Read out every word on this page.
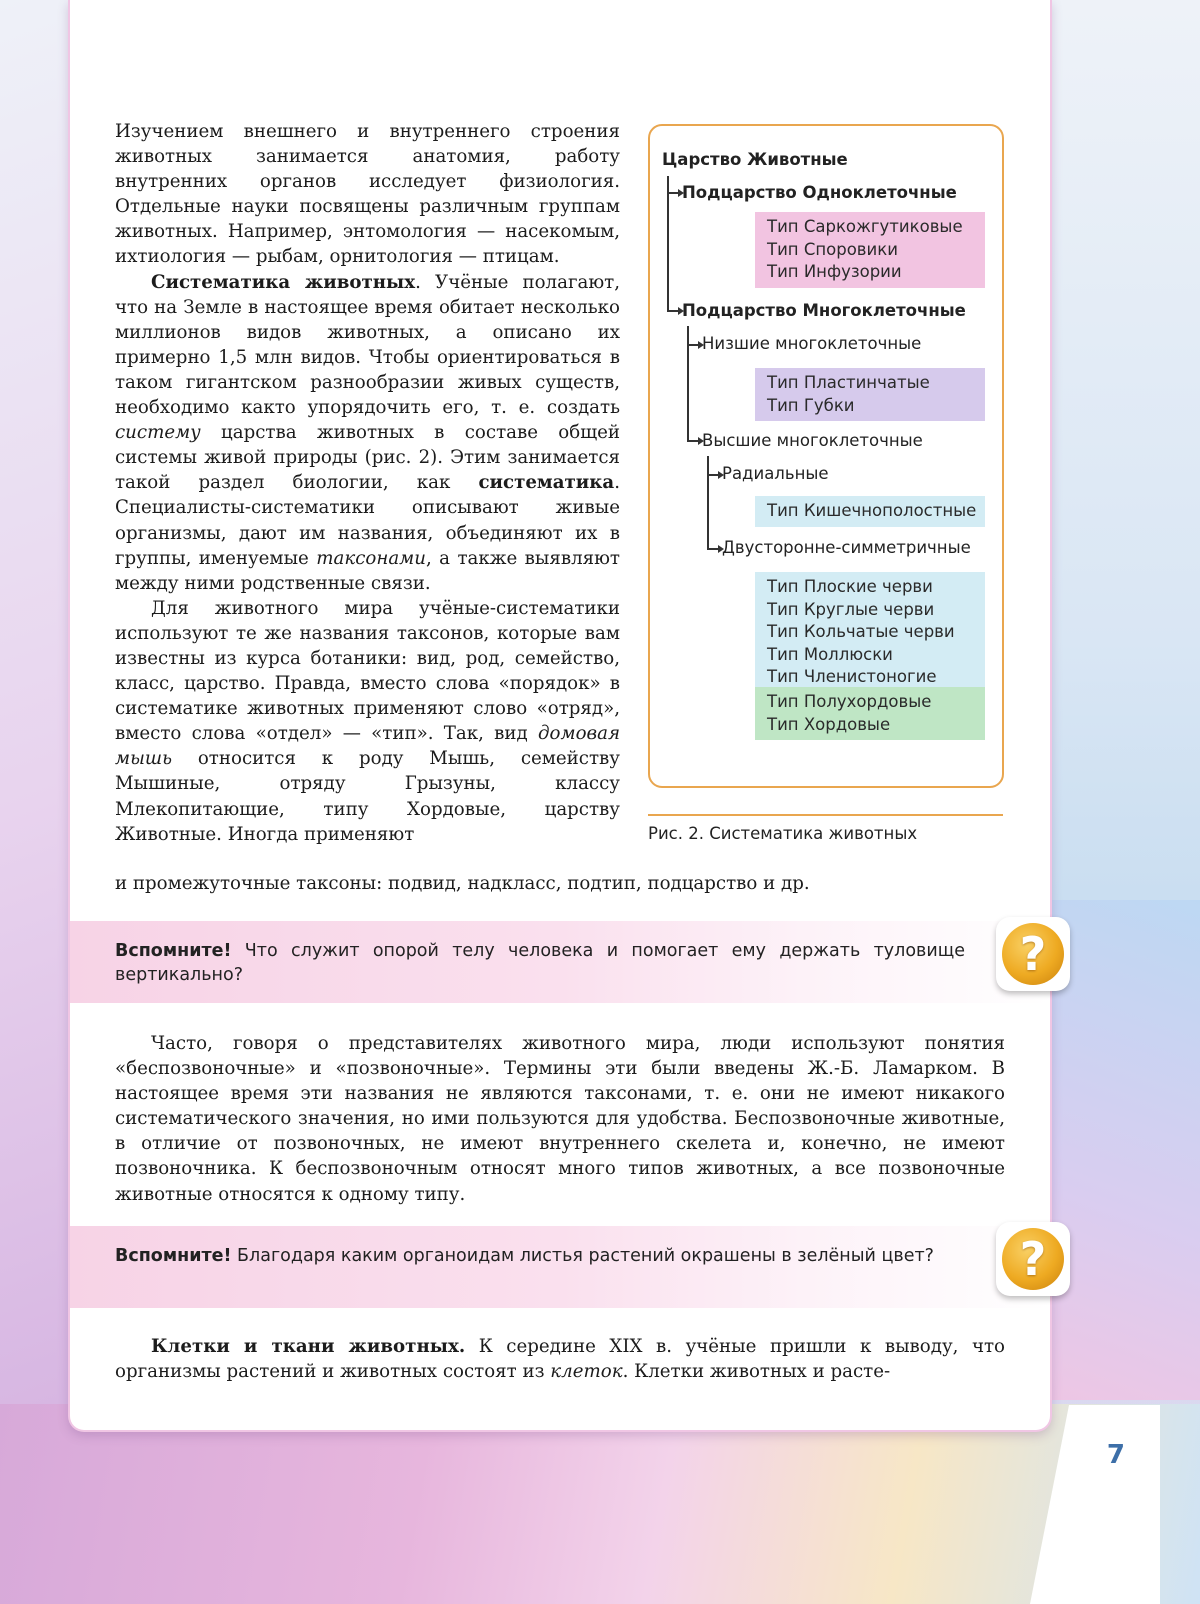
7

Изучением внешнего и внутреннего строения животных занимается анатомия, работу внутренних органов исследует физиология. Отдельные науки посвящены различным группам животных. Например, энтомология — насекомым, ихтиология — рыбам, орнитология — птицам.

Систематика животных. Учёные полагают, что на Земле в настоящее время обитает несколько миллионов видов животных, а описано их примерно 1,5 млн видов. Чтобы ориентироваться в таком гигантском разнообразии живых существ, необходимо както упорядочить его, т. е. создать систему царства животных в составе общей системы живой природы (рис. 2). Этим занимается такой раздел биологии, как систематика. Специалисты-систематики описывают живые организмы, дают им названия, объединяют их в группы, именуемые таксонами, а также выявляют между ними родственные связи.

Для животного мира учёные-систематики используют те же названия таксонов, которые вам известны из курса ботаники: вид, род, семейство, класс, царство. Правда, вместо слова «порядок» в систематике животных применяют слово «отряд», вместо слова «отдел» — «тип». Так, вид домовая мышь относится к роду Мышь, семейству Мышиные, отряду Грызуны, классу Млекопитающие, типу Хордовые, царству Животные. Иногда применяют

и промежуточные таксоны: подвид, надкласс, подтип, подцарство и др.
Царство Животные
Подцарство Одноклеточные
Тип Саркожгутиковые
Тип Споровики
Тип Инфузории
Подцарство Многоклеточные
Низшие многоклеточные
Тип Пластинчатые
Тип Губки
Высшие многоклеточные
Радиальные
Тип Кишечнополостные
Двусторонне-симметричные
Тип Плоские черви
Тип Круглые черви
Тип Кольчатые черви
Тип Моллюски
Тип Членистоногие
Тип Полухордовые
Тип Хордовые
Рис. 2. Систематика животных
Вспомните! Что служит опорой телу человека и помогает ему держать туловище вертикально?	?
Часто, говоря о представителях животного мира, люди используют понятия «беспозвоночные» и «позвоночные». Термины эти были введены Ж.-Б. Ламарком. В настоящее время эти названия не являются таксонами, т. е. они не имеют никакого систематического значения, но ими пользуются для удобства. Беспозвоночные животные, в отличие от позвоночных, не имеют внутреннего скелета и, конечно, не имеют позвоночника. К беспозвоночным относят много типов животных, а все позвоночные животные относятся к одному типу.
Вспомните! Благодаря каким органоидам листья растений окрашены в зелёный цвет?	?
Клетки и ткани животных. К середине XIX в. учёные пришли к выводу, что организмы растений и животных состоят из клеток. Клетки животных и расте-
